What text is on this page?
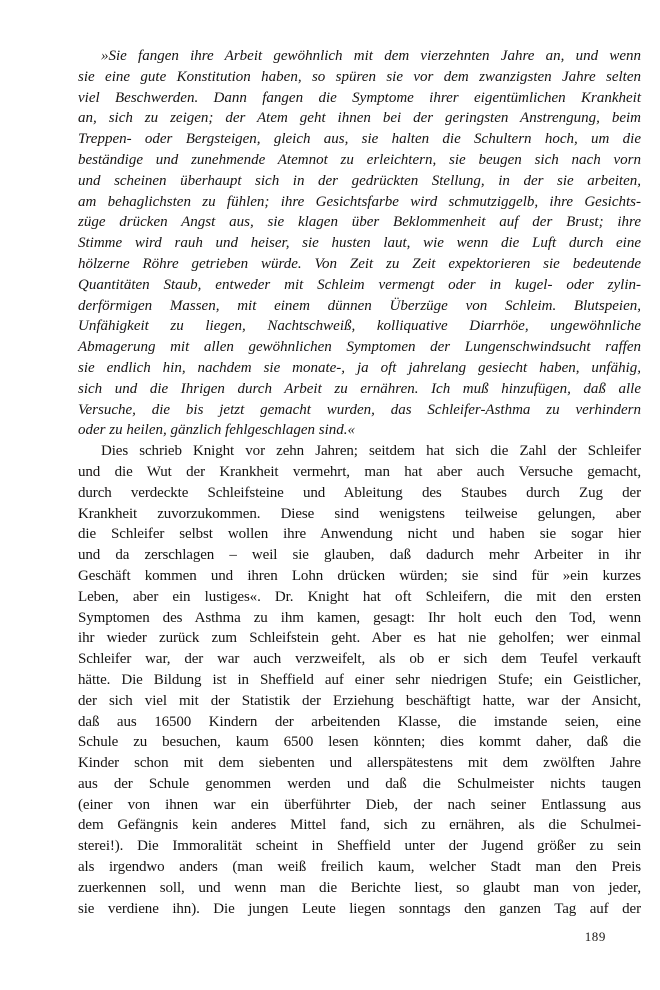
»Sie fangen ihre Arbeit gewöhnlich mit dem vierzehnten Jahre an, und wenn
sie eine gute Konstitution haben, so spüren sie vor dem zwanzigsten Jahre selten
viel Beschwerden. Dann fangen die Symptome ihrer eigentümlichen Krankheit
an, sich zu zeigen; der Atem geht ihnen bei der geringsten Anstrengung, beim
Treppen- oder Bergsteigen, gleich aus, sie halten die Schultern hoch, um die
beständige und zunehmende Atemnot zu erleichtern, sie beugen sich nach vorn
und scheinen überhaupt sich in der gedrückten Stellung, in der sie arbeiten,
am behaglichsten zu fühlen; ihre Gesichtsfarbe wird schmutziggelb, ihre Gesichts-
züge drücken Angst aus, sie klagen über Beklommenheit auf der Brust; ihre
Stimme wird rauh und heiser, sie husten laut, wie wenn die Luft durch eine
hölzerne Röhre getrieben würde. Von Zeit zu Zeit expektorieren sie bedeutende
Quantitäten Staub, entweder mit Schleim vermengt oder in kugel- oder zylin-
derförmigen Massen, mit einem dünnen Überzüge von Schleim. Blutspeien,
Unfähigkeit zu liegen, Nachtschweiß, kolliquative Diarrhöe, ungewöhnliche
Abmagerung mit allen gewöhnlichen Symptomen der Lungenschwindsucht raffen
sie endlich hin, nachdem sie monate-, ja oft jahrelang gesiecht haben, unfähig,
sich und die Ihrigen durch Arbeit zu ernähren. Ich muß hinzufügen, daß alle
Versuche, die bis jetzt gemacht wurden, das Schleifer-Asthma zu verhindern
oder zu heilen, gänzlich fehlgeschlagen sind.«
Dies schrieb Knight vor zehn Jahren; seitdem hat sich die Zahl der Schleifer
und die Wut der Krankheit vermehrt, man hat aber auch Versuche gemacht,
durch verdeckte Schleifsteine und Ableitung des Staubes durch Zug der
Krankheit zuvorzukommen. Diese sind wenigstens teilweise gelungen, aber
die Schleifer selbst wollen ihre Anwendung nicht und haben sie sogar hier
und da zerschlagen – weil sie glauben, daß dadurch mehr Arbeiter in ihr
Geschäft kommen und ihren Lohn drücken würden; sie sind für »ein kurzes
Leben, aber ein lustiges«. Dr. Knight hat oft Schleifern, die mit den ersten
Symptomen des Asthma zu ihm kamen, gesagt: Ihr holt euch den Tod, wenn
ihr wieder zurück zum Schleifstein geht. Aber es hat nie geholfen; wer einmal
Schleifer war, der war auch verzweifelt, als ob er sich dem Teufel verkauft
hätte. Die Bildung ist in Sheffield auf einer sehr niedrigen Stufe; ein Geistlicher,
der sich viel mit der Statistik der Erziehung beschäftigt hatte, war der Ansicht,
daß aus 16500 Kindern der arbeitenden Klasse, die imstande seien, eine
Schule zu besuchen, kaum 6500 lesen könnten; dies kommt daher, daß die
Kinder schon mit dem siebenten und allerspätestens mit dem zwölften Jahre
aus der Schule genommen werden und daß die Schulmeister nichts taugen
(einer von ihnen war ein überführter Dieb, der nach seiner Entlassung aus
dem Gefängnis kein anderes Mittel fand, sich zu ernähren, als die Schulmei-
sterei!). Die Immoralität scheint in Sheffield unter der Jugend größer zu sein
als irgendwo anders (man weiß freilich kaum, welcher Stadt man den Preis
zuerkennen soll, und wenn man die Berichte liest, so glaubt man von jeder,
sie verdiene ihn). Die jungen Leute liegen sonntags den ganzen Tag auf der
189
